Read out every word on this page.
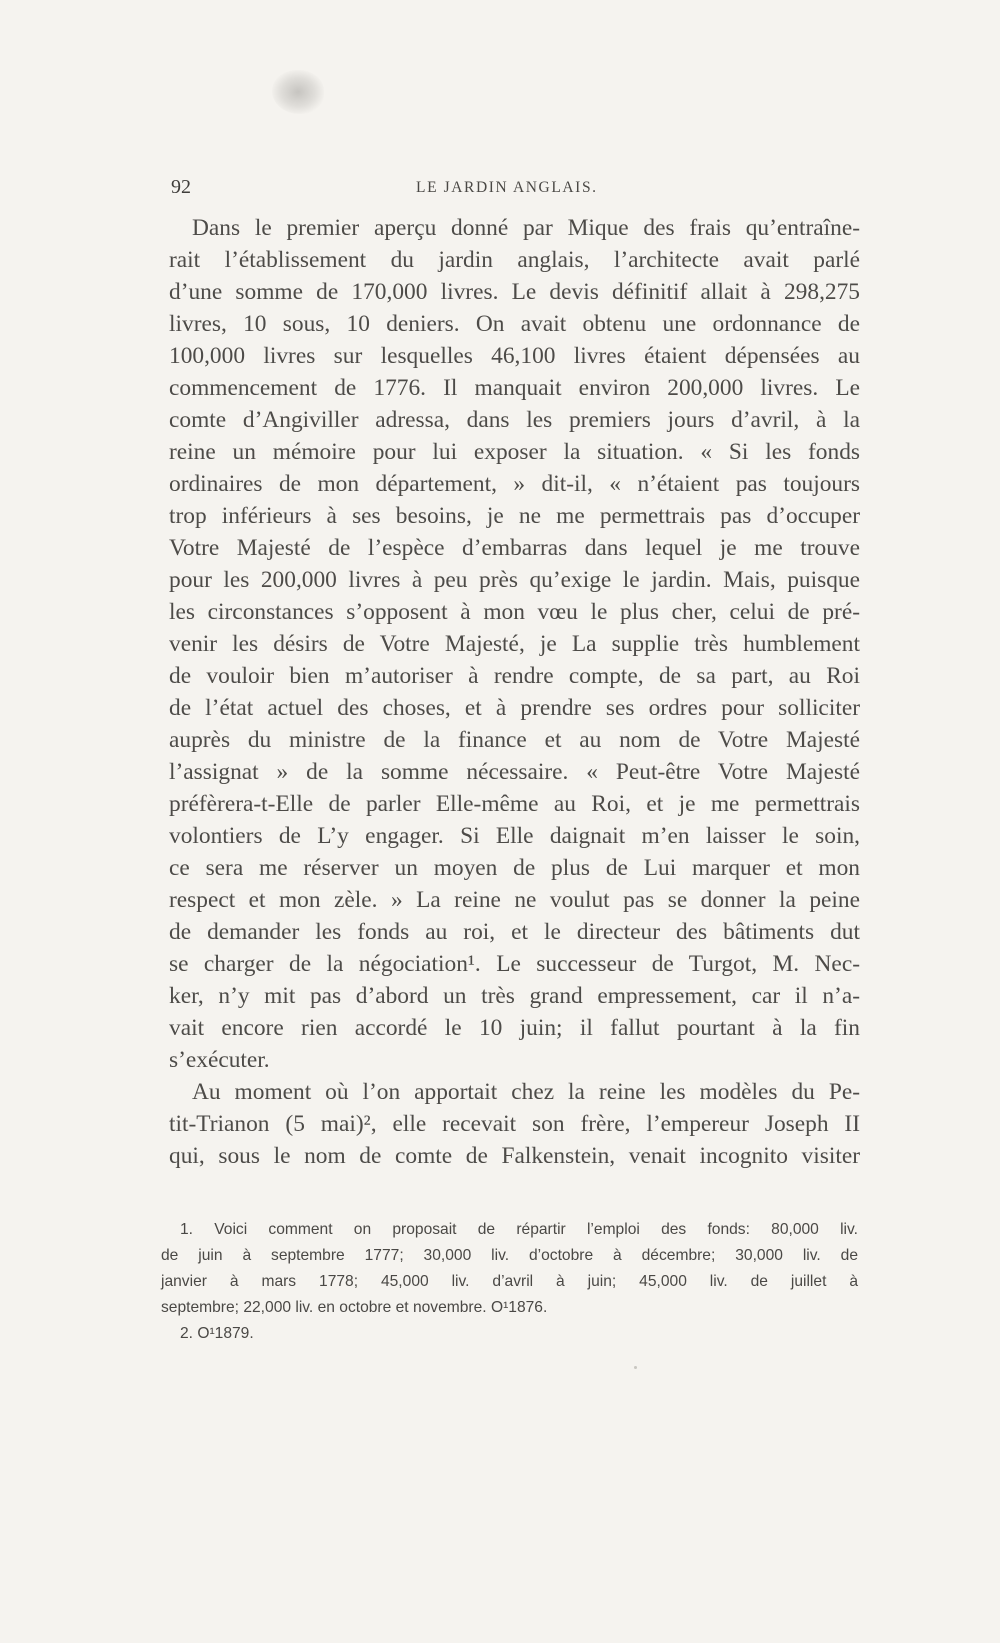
92	LE JARDIN ANGLAIS.
Dans le premier aperçu donné par Mique des frais qu’entraîne-
rait l’établissement du jardin anglais, l’architecte avait parlé
d’une somme de 170,000 livres. Le devis définitif allait à 298,275
livres, 10 sous, 10 deniers. On avait obtenu une ordonnance de
100,000 livres sur lesquelles 46,100 livres étaient dépensées au
commencement de 1776. Il manquait environ 200,000 livres. Le
comte d’Angiviller adressa, dans les premiers jours d’avril, à la
reine un mémoire pour lui exposer la situation. « Si les fonds
ordinaires de mon département, » dit-il, « n’étaient pas toujours
trop inférieurs à ses besoins, je ne me permettrais pas d’occuper
Votre Majesté de l’espèce d’embarras dans lequel je me trouve
pour les 200,000 livres à peu près qu’exige le jardin. Mais, puisque
les circonstances s’opposent à mon vœu le plus cher, celui de pré-
venir les désirs de Votre Majesté, je La supplie très humblement
de vouloir bien m’autoriser à rendre compte, de sa part, au Roi
de l’état actuel des choses, et à prendre ses ordres pour solliciter
auprès du ministre de la finance et au nom de Votre Majesté
l’assignat » de la somme nécessaire. « Peut-être Votre Majesté
préfèrera-t-Elle de parler Elle-même au Roi, et je me permettrais
volontiers de L’y engager. Si Elle daignait m’en laisser le soin,
ce sera me réserver un moyen de plus de Lui marquer et mon
respect et mon zèle. » La reine ne voulut pas se donner la peine
de demander les fonds au roi, et le directeur des bâtiments dut
se charger de la négociation¹. Le successeur de Turgot, M. Nec-
ker, n’y mit pas d’abord un très grand empressement, car il n’a-
vait encore rien accordé le 10 juin; il fallut pourtant à la fin
s’exécuter.
Au moment où l’on apportait chez la reine les modèles du Pe-
tit-Trianon (5 mai)², elle recevait son frère, l’empereur Joseph II
qui, sous le nom de comte de Falkenstein, venait incognito visiter
1. Voici comment on proposait de répartir l’emploi des fonds: 80,000 liv.
de juin à septembre 1777; 30,000 liv. d’octobre à décembre; 30,000 liv. de
janvier à mars 1778; 45,000 liv. d’avril à juin; 45,000 liv. de juillet à
septembre; 22,000 liv. en octobre et novembre. O¹1876.
2. O¹1879.
